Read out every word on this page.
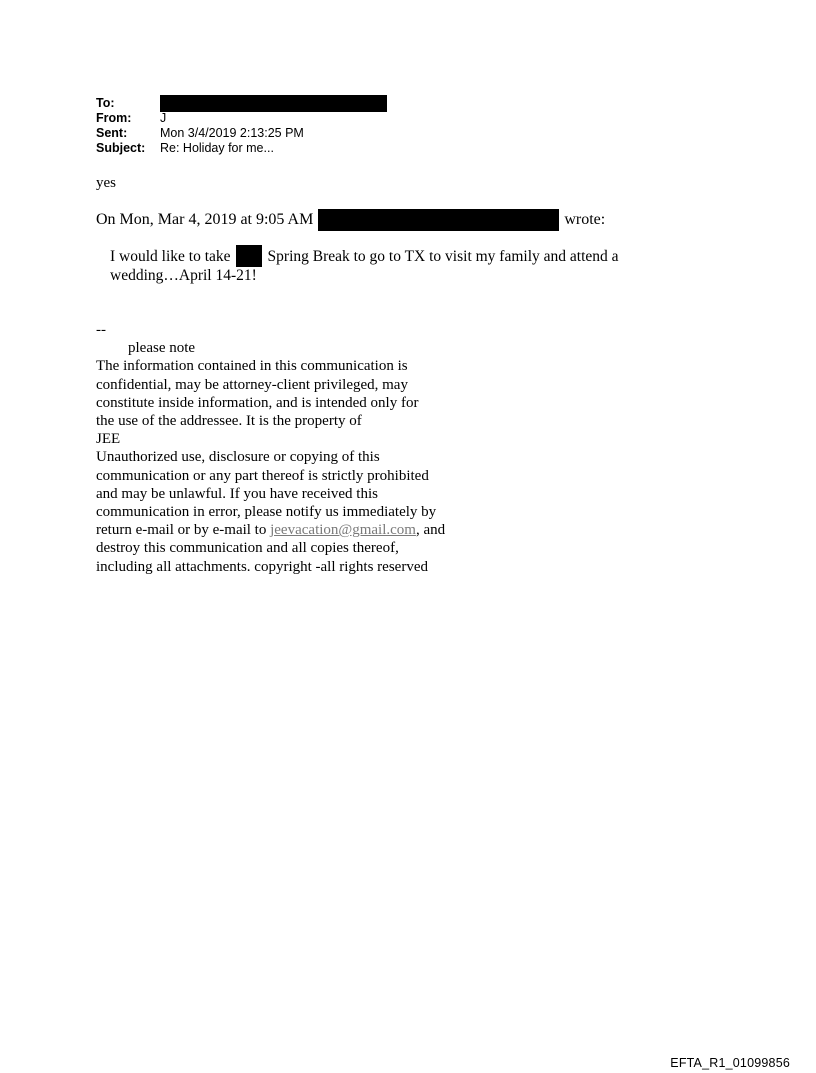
To:
From:	J
Sent:	Mon 3/4/2019 2:13:25 PM
Subject:	Re: Holiday for me...
yes
On Mon, Mar 4, 2019 at 9:05 AM	wrote:
I would like to take Spring Break to go to TX to visit my family and attend a
wedding…April 14-21!
--
please note
The information contained in this communication is
confidential, may be attorney-client privileged, may
constitute inside information, and is intended only for
the use of the addressee. It is the property of
JEE
Unauthorized use, disclosure or copying of this
communication or any part thereof is strictly prohibited
and may be unlawful. If you have received this
communication in error, please notify us immediately by
return e-mail or by e-mail to jeevacation@gmail.com, and
destroy this communication and all copies thereof,
including all attachments. copyright -all rights reserved
EFTA_R1_01099856
